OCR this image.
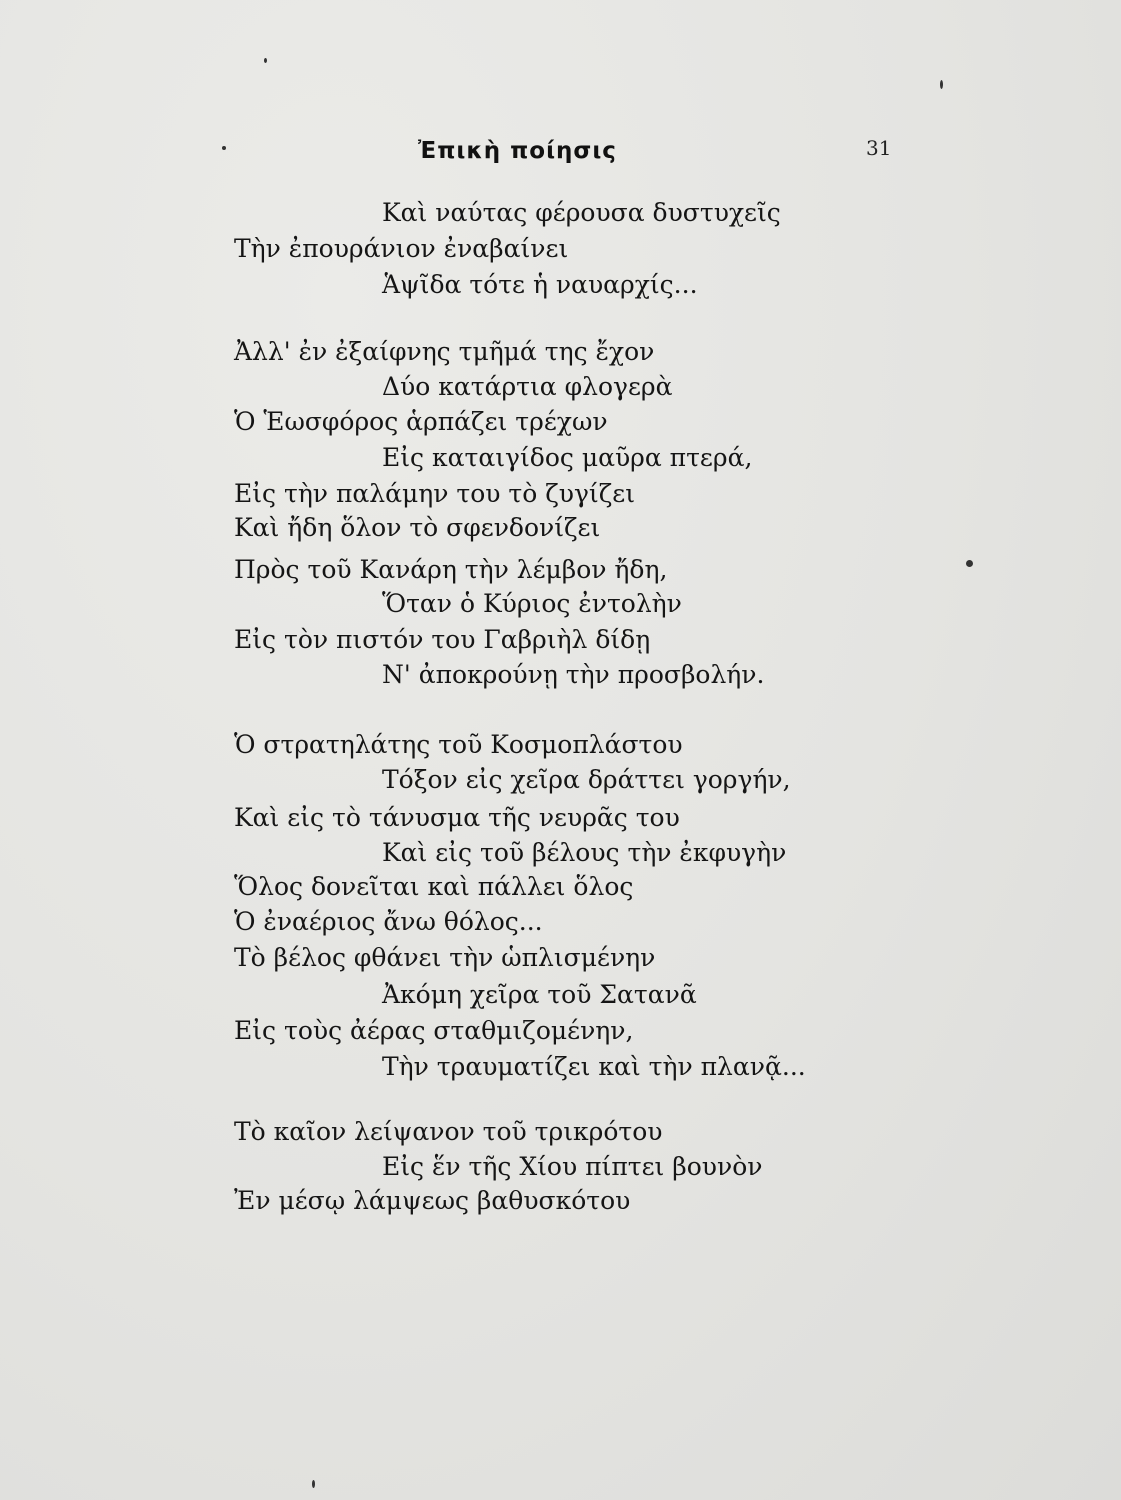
Ἐπικὴ ποίησις	31
Καὶ ναύτας φέρουσα δυστυχεῖς
Τὴν ἐπουράνιον ἐναβαίνει
Ἁψῖδα τότε ἡ ναυαρχίς...
Ἀλλ' ἐν ἐξαίφνης τμῆμά της ἔχον
Δύο κατάρτια φλογερὰ
Ὁ Ἑωσφόρος ἁρπάζει τρέχων
Εἰς καταιγίδος μαῦρα πτερά,
Εἰς τὴν παλάμην του τὸ ζυγίζει
Καὶ ἤδη ὅλον τὸ σφενδονίζει
Πρὸς τοῦ Κανάρη τὴν λέμβον ἤδη,
Ὅταν ὁ Κύριος ἐντολὴν
Εἰς τὸν πιστόν του Γαβριὴλ δίδῃ
Ν' ἀποκρούνῃ τὴν προσβολήν.
Ὁ στρατηλάτης τοῦ Κοσμοπλάστου
Τόξον εἰς χεῖρα δράττει γοργήν,
Καὶ εἰς τὸ τάνυσμα τῆς νευρᾶς του
Καὶ εἰς τοῦ βέλους τὴν ἐκφυγὴν
Ὅλος δονεῖται καὶ πάλλει ὅλος
Ὁ ἐναέριος ἄνω θόλος...
Τὸ βέλος φθάνει τὴν ὡπλισμένην
Ἀκόμη χεῖρα τοῦ Σατανᾶ
Εἰς τοὺς ἀέρας σταθμιζομένην,
Τὴν τραυματίζει καὶ τὴν πλανᾷ...
Τὸ καῖον λείψανον τοῦ τρικρότου
Εἰς ἕν τῆς Χίου πίπτει βουνὸν
Ἐν μέσῳ λάμψεως βαθυσκότου
